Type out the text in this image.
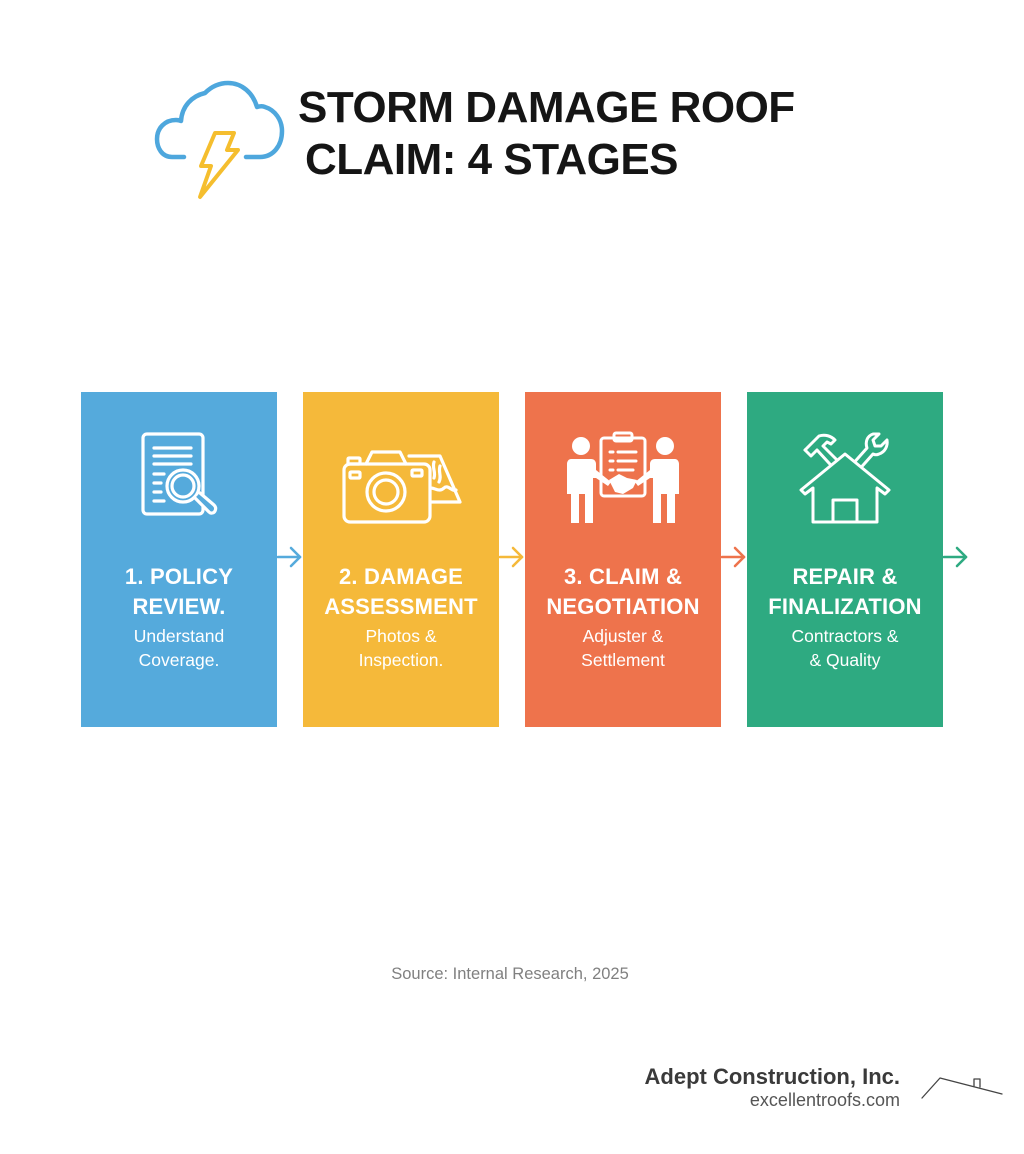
STORM DAMAGE ROOF
CLAIM: 4 STAGES
1. POLICY
REVIEW.
Understand
Coverage.
2. DAMAGE
ASSESSMENT
Photos &
Inspection.
3. CLAIM &
NEGOTIATION
Adjuster &
Settlement
REPAIR &
FINALIZATION
Contractors &
& Quality
Source: Internal Research, 2025
Adept Construction, Inc.
excellentroofs.com
